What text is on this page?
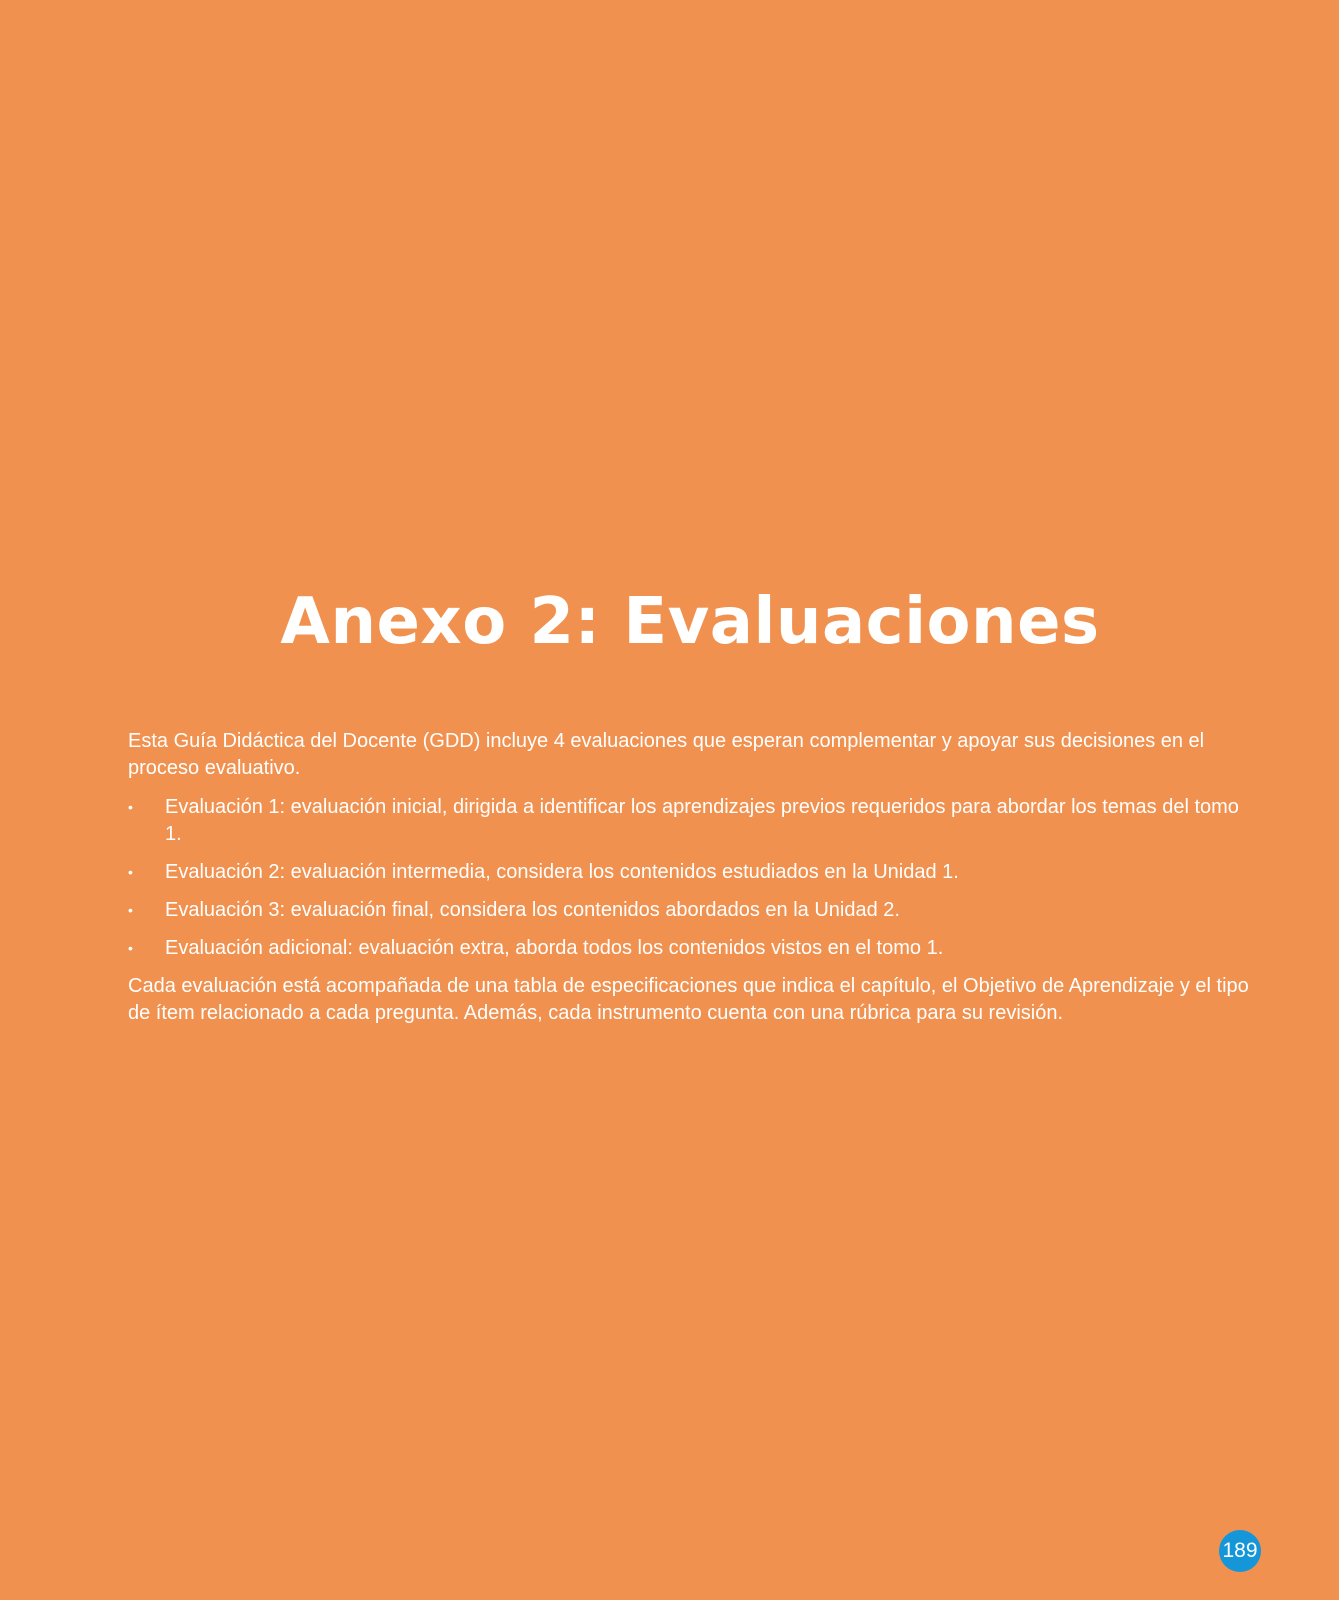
Anexo 2: Evaluaciones

Esta Guía Didáctica del Docente (GDD) incluye 4 evaluaciones que esperan complementar y apoyar sus decisiones en el proceso evaluativo.

• Evaluación 1: evaluación inicial, dirigida a identificar los aprendizajes previos requeridos para abordar los temas del tomo 1.
• Evaluación 2: evaluación intermedia, considera los contenidos estudiados en la Unidad 1.
• Evaluación 3: evaluación final, considera los contenidos abordados en la Unidad 2.
• Evaluación adicional: evaluación extra, aborda todos los contenidos vistos en el tomo 1.

Cada evaluación está acompañada de una tabla de especificaciones que indica el capítulo, el Objetivo de Aprendizaje y el tipo de ítem relacionado a cada pregunta. Además, cada instrumento cuenta con una rúbrica para su revisión.

189
